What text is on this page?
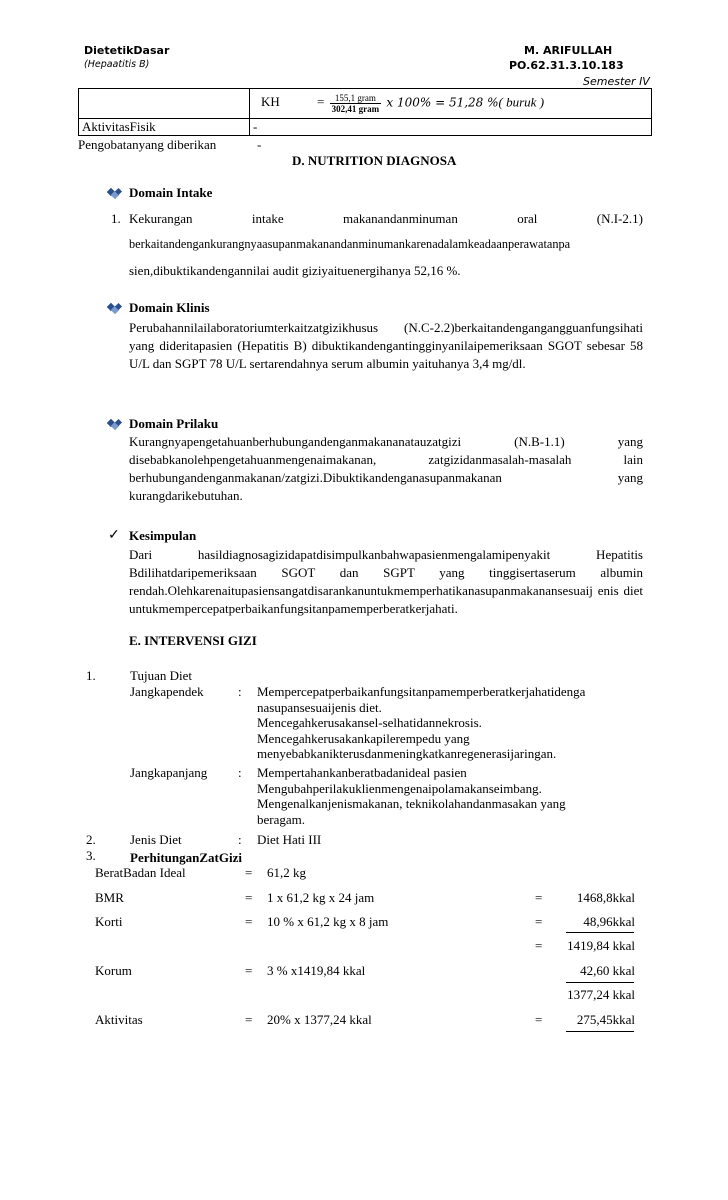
DietetikDasar
(Hepaatitis B)
M. ARIFULLAH
PO.62.31.3.10.183
Semester IV
	KH = $\frac{\text{155,1 gram}}{\text{302,41 gram}}$ x 100% = 51,28 %( buruk )
AktivitasFisik	-
Pengobatanyang diberikan	-
D. NUTRITION DIAGNOSA
Domain Intake
1. Kekurangan	intake	makanandanminuman	oral	(N.I-2.1)
berkaitandengankurangnyaasupanmakanandanminumankarenadalamkeadaanperawatanpa
sien,dibuktikandengannilai audit giziyaituenergihanya 52,16 %.
Domain Klinis
Perubahannilailaboratoriumterkaitzatgizikhusus (N.C-2.2)berkaitandengangangguanfungsihati yang dideritapasien (Hepatitis B) dibuktikandengantingginyanilaipemeriksaan SGOT sebesar 58 U/L dan SGPT 78 U/L sertarendahnya serum albumin yaituhanya 3,4 mg/dl.
Domain Prilaku
Kurangnyapengetahuanberhubungandenganmakananatauzatgizi (N.B-1.1) yang disebabkanolehpengetahuanmengenaimakanan, zatgizidanmasalah-masalah lain berhubungandenganmakanan/zatgizi.Dibuktikandenganasupanmakanan yang kurangdarikebutuhan.
✓ Kesimpulan
Dari hasildiagnosagizidapatdisimpulkanbahwapasienmengalamipenyakit Hepatitis Bdilihatdaripemeriksaan SGOT dan SGPT yang tinggisertaserum albumin rendah.Olehkarenaitupasiensangatdisarankanuntukmemperhatikanasupanmakanansesuaij enis diet untukmempercepatperbaikanfungsitanpamemperberatkerjahati.
E. INTERVENSI GIZI
1.	Tujuan Diet
Jangkapendek	: Mempercepatperbaikanfungsitanpamemperberatkerjahatidenga
nasupansesuaijenis diet.
Mencegahkerusakansel-selhatidannekrosis.
Mencegahkerusakankapilerempedu yang
menyebabkanikterusdanmeningkatkanregenerasijaringan.
Jangkapanjang : Mempertahankanberatbadanideal pasien
Mengubahperilakuklienmengenaipolamakanseimbang.
Mengenalkanjenismakanan, teknikolahandanmasakan yang
beragam.
2.	Jenis Diet	: Diet Hati III
3.	PerhitunganZatGizi
BeratBadan Ideal	= 61,2 kg
BMR	= 1 x 61,2 kg x 24 jam	=	1468,8kkal
Korti	= 10 % x 61,2 kg x 8 jam	=	48,96kkal
= 1419,84 kkal
Korum	= 3 % x1419,84 kkal	42,60 kkal
1377,24 kkal
Aktivitas	= 20% x 1377,24 kkal	=	275,45kkal
